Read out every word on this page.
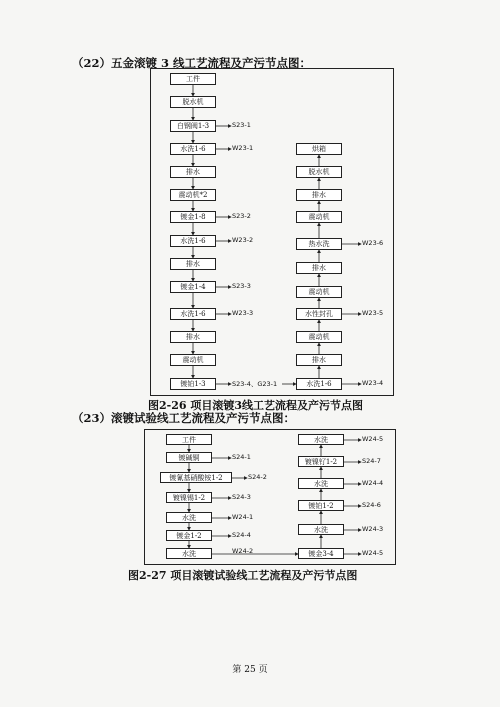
（22）五金滚镀 3 线工艺流程及产污节点图：
工件
脱水机
白钢阀1-3
水洗1-6
排水
震动机*2
镀金1-8
水洗1-6
排水
镀金1-4
水洗1-6
排水
震动机
镀铂1-3
S23-1
W23-1
S23-2
W23-2
S23-3
W23-3
S23-4、G23-1
烘箱
脱水机
排水
震动机
热水洗
排水
震动机
水性封孔
震动机
排水
水洗1-6
W23-6
W23-5
W23-4
图2-26 项目滚镀3线工艺流程及产污节点图
（23）滚镀试验线工艺流程及产污节点图：
工件
镀碱铜
镀氰基硝酸铵1-2
镀镍锡1-2
水洗
镀金1-2
水洗
S24-1
S24-2
S24-3
W24-1
S24-4
W24-2
水洗
镀镍钌1-2
水洗
镀铂1-2
水洗
镀金3-4
W24-5
S24-7
W24-4
S24-6
W24-3
W24-5
图2-27 项目滚镀试验线工艺流程及产污节点图
第 25 页
